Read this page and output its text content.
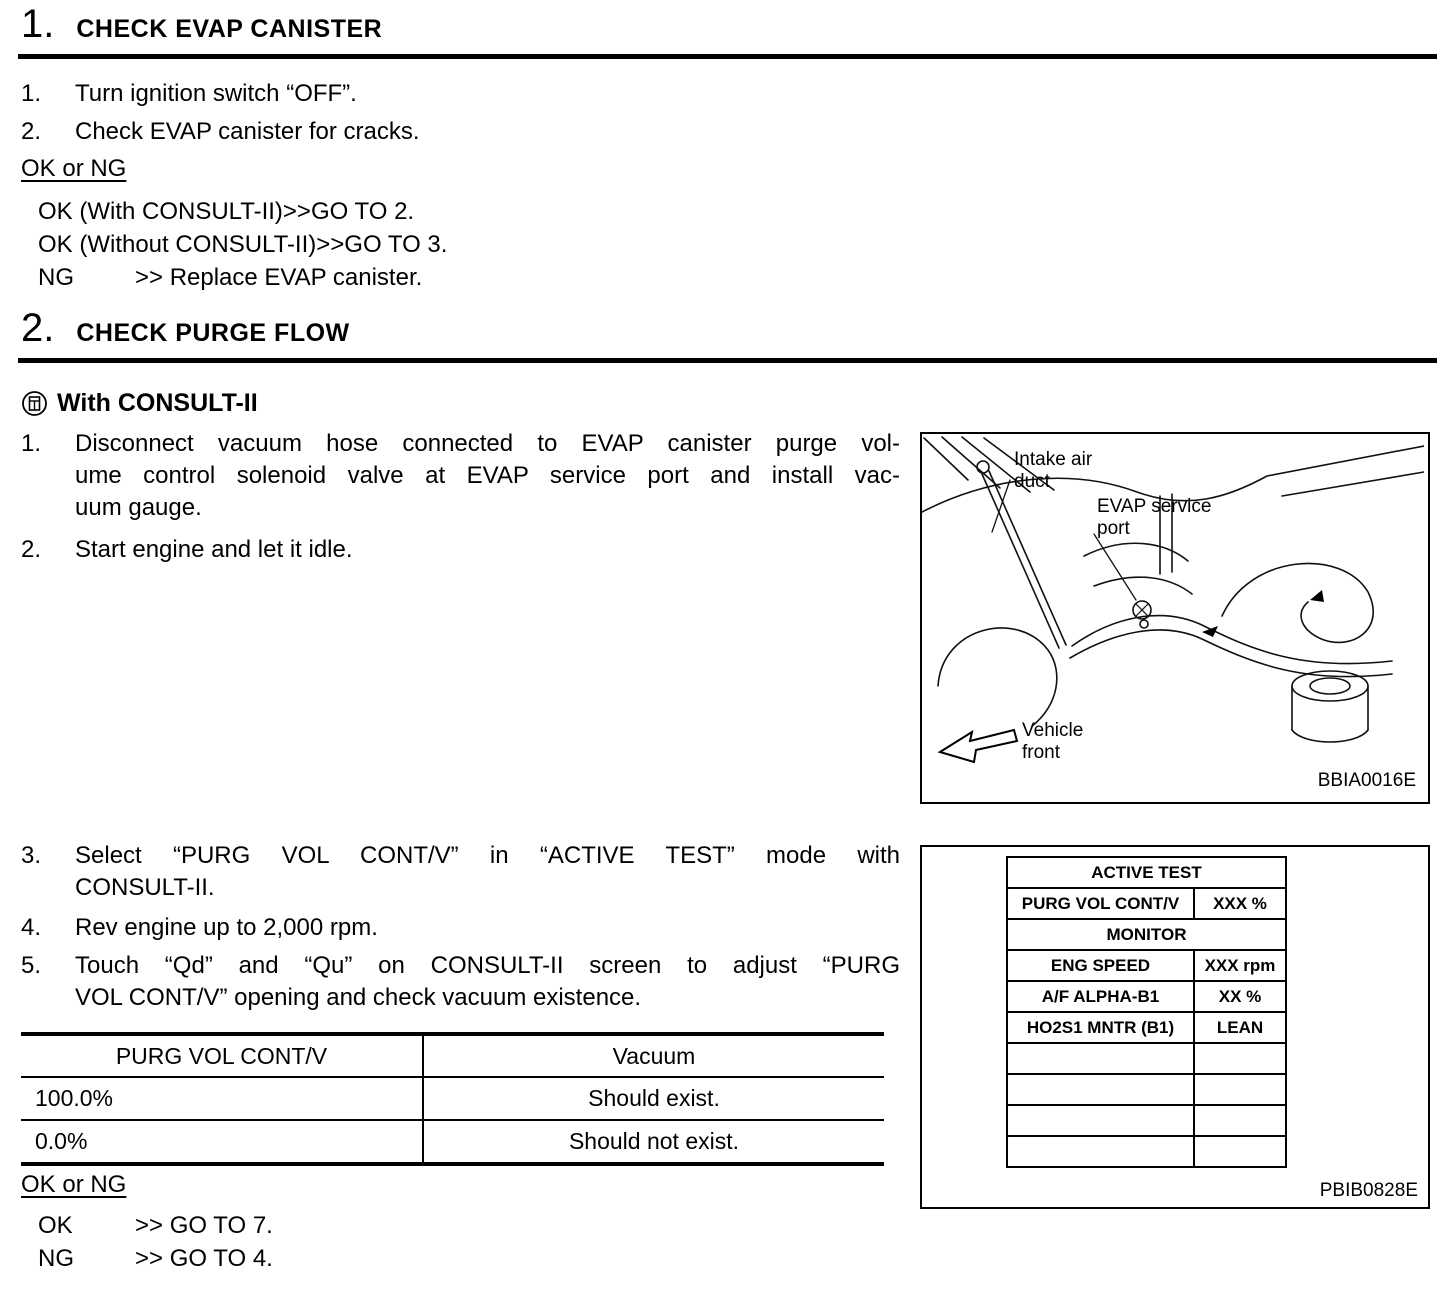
1. CHECK EVAP CANISTER
1. Turn ignition switch “OFF”.
2. Check EVAP canister for cracks.
OK or NG
OK (With CONSULT-II)>>GO TO 2.
OK (Without CONSULT-II)>>GO TO 3.
NG	>> Replace EVAP canister.
2. CHECK PURGE FLOW
With CONSULT-II
1. Disconnect vacuum hose connected to EVAP canister purge vol-
ume control solenoid valve at EVAP service port and install vac-
uum gauge.
2. Start engine and let it idle.
Intake air
duct
EVAP service
port
Vehicle
front
BBIA0016E
3. Select “PURG VOL CONT/V” in “ACTIVE TEST” mode with
CONSULT-II.
4. Rev engine up to 2,000 rpm.
5. Touch “Qd” and “Qu” on CONSULT-II screen to adjust “PURG
VOL CONT/V” opening and check vacuum existence.
PURG VOL CONT/V	Vacuum
100.0%	Should exist.
0.0%	Should not exist.
OK or NG
OK	>> GO TO 7.
NG	>> GO TO 4.
ACTIVE TEST	
PURG VOL CONT/V	XXX %
MONITOR	
ENG SPEED	XXX rpm
A/F ALPHA-B1	XX %
HO2S1 MNTR (B1)	LEAN

PBIB0828E
